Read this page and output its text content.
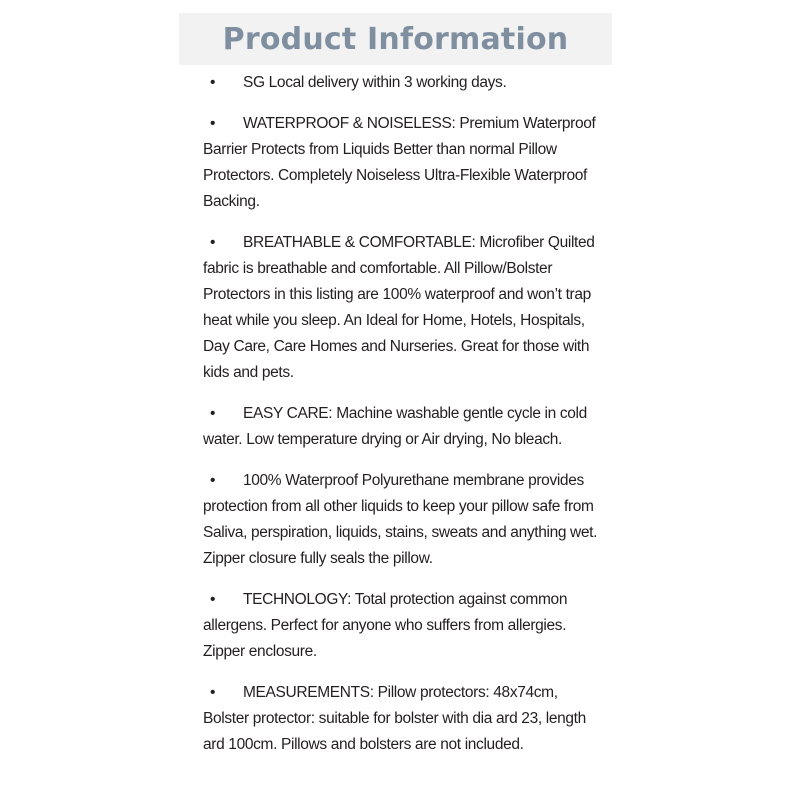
Product Information
• SG Local delivery within 3 working days.
• WATERPROOF & NOISELESS: Premium Waterproof Barrier Protects from Liquids Better than normal Pillow Protectors. Completely Noiseless Ultra-Flexible Waterproof Backing.
• BREATHABLE & COMFORTABLE: Microfiber Quilted fabric is breathable and comfortable. All Pillow/Bolster Protectors in this listing are 100% waterproof and won’t trap heat while you sleep. An Ideal for Home, Hotels, Hospitals, Day Care, Care Homes and Nurseries. Great for those with kids and pets.
• EASY CARE: Machine washable gentle cycle in cold water. Low temperature drying or Air drying, No bleach.
• 100% Waterproof Polyurethane membrane provides protection from all other liquids to keep your pillow safe from Saliva, perspiration, liquids, stains, sweats and anything wet. Zipper closure fully seals the pillow.
• TECHNOLOGY: Total protection against common allergens. Perfect for anyone who suffers from allergies. Zipper enclosure.
• MEASUREMENTS: Pillow protectors: 48x74cm, Bolster protector: suitable for bolster with dia ard 23, length ard 100cm. Pillows and bolsters are not included.
